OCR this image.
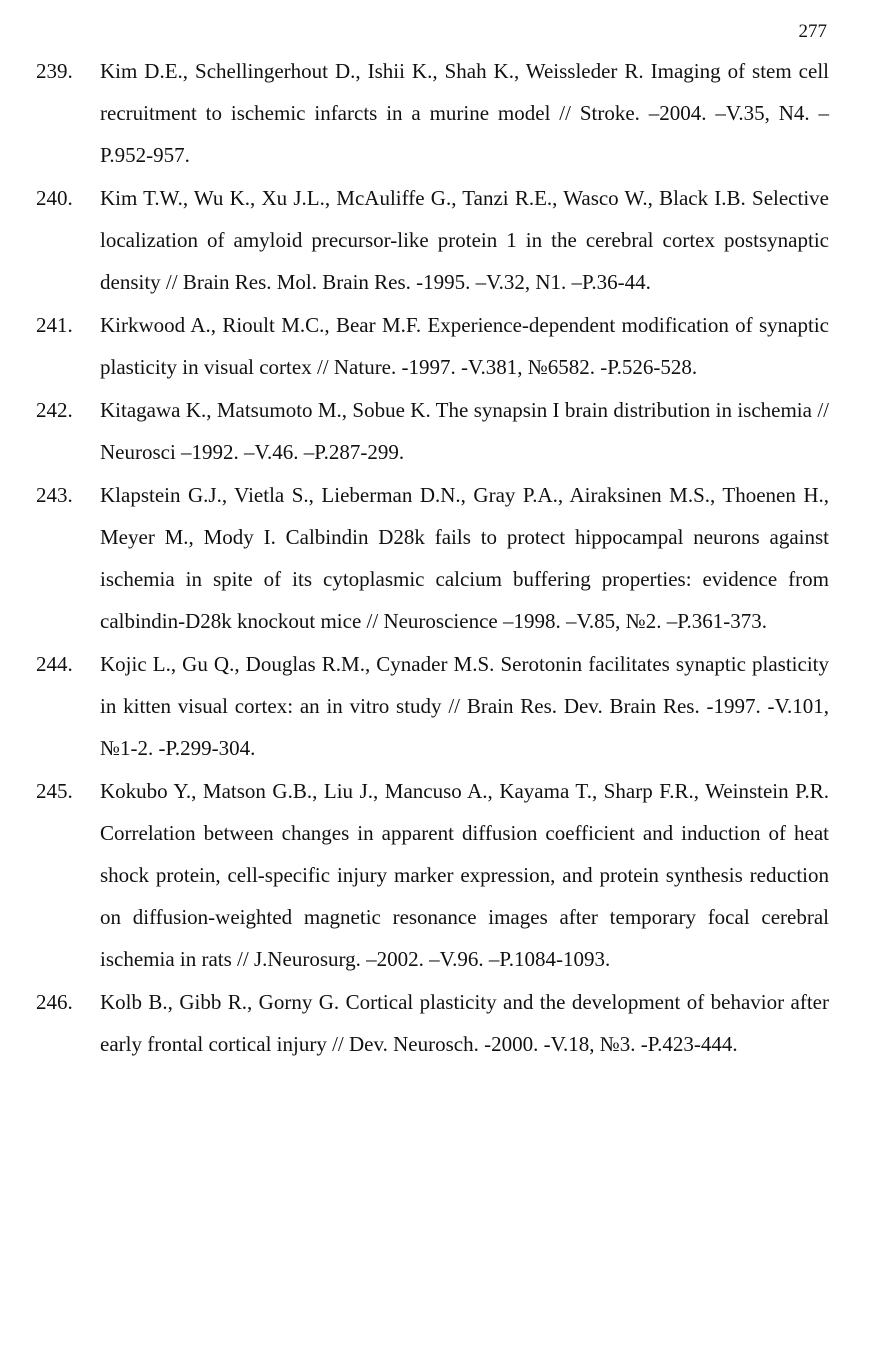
277
239. Kim D.E., Schellingerhout D., Ishii K., Shah K., Weissleder R. Imaging of stem cell recruitment to ischemic infarcts in a murine model // Stroke. –2004. –V.35, N4. –P.952-957.
240. Kim T.W., Wu K., Xu J.L., McAuliffe G., Tanzi R.E., Wasco W., Black I.B. Selective localization of amyloid precursor-like protein 1 in the cerebral cortex postsynaptic density // Brain Res. Mol. Brain Res. -1995. –V.32, N1. –P.36-44.
241. Kirkwood A., Rioult M.C., Bear M.F. Experience-dependent modification of synaptic plasticity in visual cortex // Nature. -1997. -V.381, №6582. -P.526-528.
242. Kitagawa K., Matsumoto M., Sobue K. The synapsin I brain distribution in ischemia // Neurosci –1992. –V.46. –P.287-299.
243. Klapstein G.J., Vietla S., Lieberman D.N., Gray P.A., Airaksinen M.S., Thoenen H., Meyer M., Mody I. Calbindin D28k fails to protect hippocampal neurons against ischemia in spite of its cytoplasmic calcium buffering properties: evidence from calbindin-D28k knockout mice // Neuroscience –1998. –V.85, №2. –P.361-373.
244. Kojic L., Gu Q., Douglas R.M., Cynader M.S. Serotonin facilitates synaptic plasticity in kitten visual cortex: an in vitro study // Brain Res. Dev. Brain Res. -1997. -V.101, №1-2. -P.299-304.
245. Kokubo Y., Matson G.B., Liu J., Mancuso A., Kayama T., Sharp F.R., Weinstein P.R. Correlation between changes in apparent diffusion coefficient and induction of heat shock protein, cell-specific injury marker expression, and protein synthesis reduction on diffusion-weighted magnetic resonance images after temporary focal cerebral ischemia in rats // J.Neurosurg. –2002. –V.96. –P.1084-1093.
246. Kolb B., Gibb R., Gorny G. Cortical plasticity and the development of behavior after early frontal cortical injury // Dev. Neurosch. -2000. -V.18, №3. -P.423-444.
